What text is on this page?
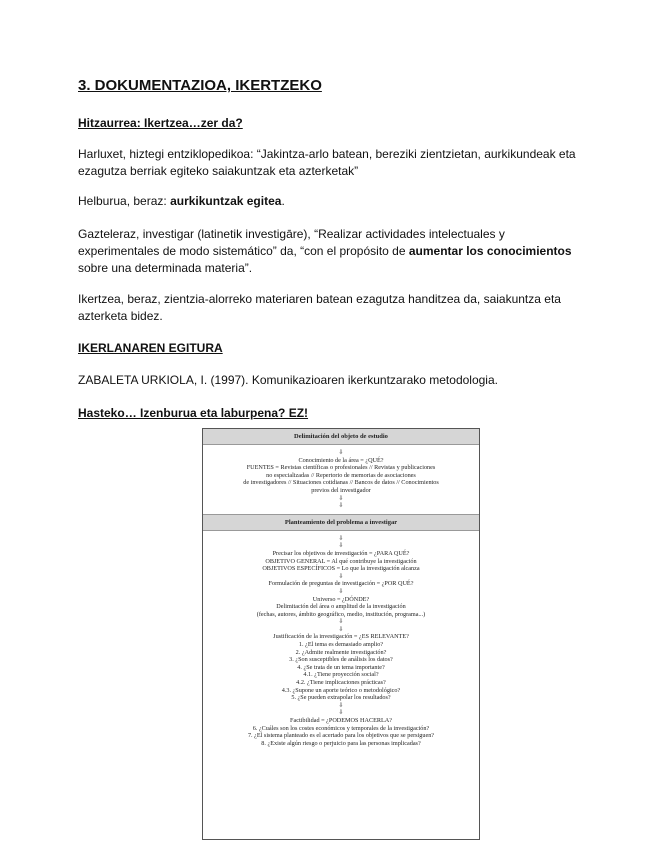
3. DOKUMENTAZIOA, IKERTZEKO
Hitzaurrea: Ikertzea…zer da?
Harluxet, hiztegi entziklopedikoa: “Jakintza-arlo batean, bereziki zientzietan, aurkikundeak eta ezagutza berriak egiteko saiakuntzak eta azterketak”
Helburua, beraz: aurkikuntzak egitea.
Gazteleraz, investigar (latinetik investigāre), “Realizar actividades intelectuales y experimentales de modo sistemático” da, “con el propósito de aumentar los conocimientos sobre una determinada materia”.
Ikertzea, beraz, zientzia-alorreko materiaren batean ezagutza handitzea da, saiakuntza eta azterketa bidez.
IKERLANAREN EGITURA
ZABALETA URKIOLA, I. (1997). Komunikazioaren ikerkuntzarako metodologia.
Hasteko… Izenburua eta laburpena? EZ!
Delimitación del objeto de estudio
⇩
Conocimiento de la área = ¿QUÉ?
FUENTES = Revistas científicas o profesionales // Revistas y publicaciones
no especializadas // Repertorio de memorias de asociaciones
de investigadores // Situaciones cotidianas // Bancos de datos // Conocimientos
previos del investigador
⇩
⇩
Planteamiento del problema a investigar
⇩
⇩
Precisar los objetivos de investigación = ¿PARA QUÉ?
OBJETIVO GENERAL = Al qué contribuye la investigación
OBJETIVOS ESPECÍFICOS = Lo que la investigación alcanza
⇩
Formulación de preguntas de investigación = ¿POR QUÉ?
⇩
Universo = ¿DÓNDE?
Delimitación del área o amplitud de la investigación
(fechas, autores, ámbito geográfico, medio, institución, programa...)
⇩
⇩
Justificación de la investigación = ¿ES RELEVANTE?
1. ¿El tema es demasiado amplio?
2. ¿Admite realmente investigación?
3. ¿Son susceptibles de análisis los datos?
4. ¿Se trata de un tema importante?
4.1. ¿Tiene proyección social?
4.2. ¿Tiene implicaciones prácticas?
4.3. ¿Supone un aporte teórico o metodológico?
5. ¿Se pueden extrapolar los resultados?
⇩
⇩
Factibilidad = ¿PODEMOS HACERLA?
6. ¿Cuáles son los costes económicos y temporales de la investigación?
7. ¿El sistema planteado es el acertado para los objetivos que se persiguen?
8. ¿Existe algún riesgo o perjuicio para las personas implicadas?
